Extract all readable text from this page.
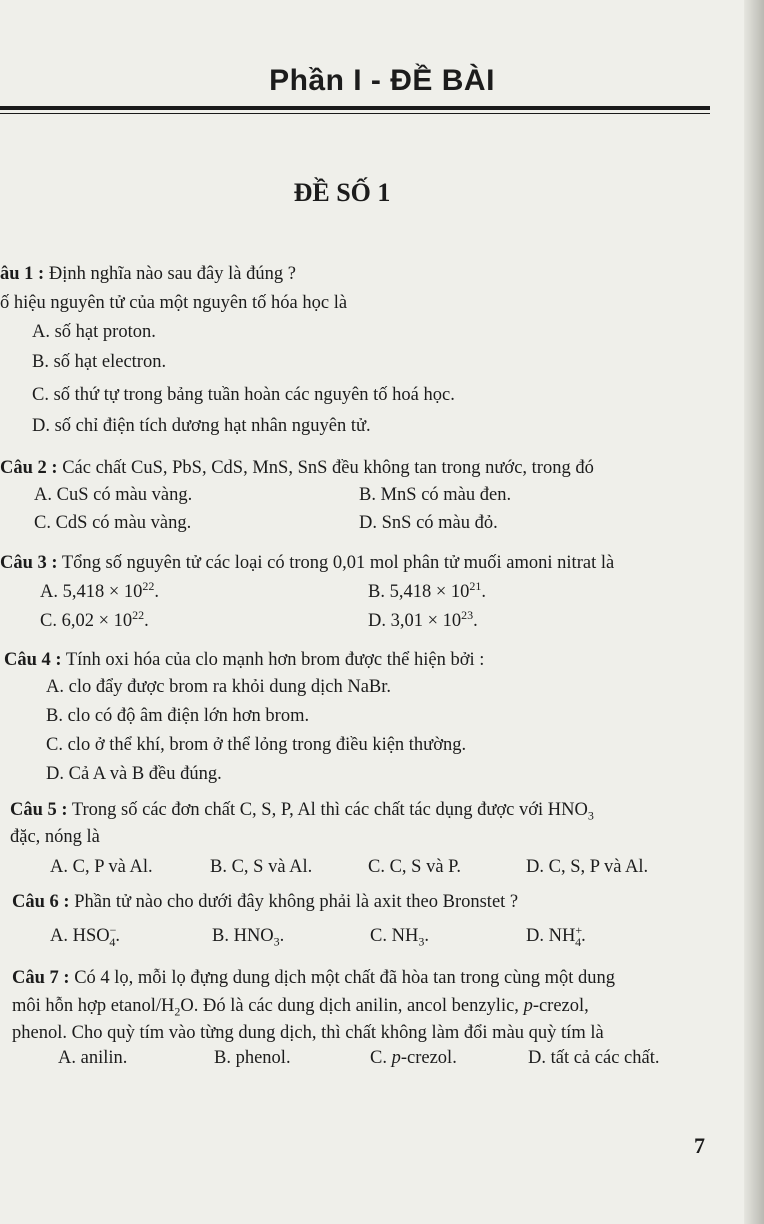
Phần I - ĐỀ BÀI
ĐỀ SỐ 1
âu 1 : Định nghĩa nào sau đây là đúng ?
ố hiệu nguyên tử của một nguyên tố hóa học là
A. số hạt proton.
B. số hạt electron.
C. số thứ tự trong bảng tuần hoàn các nguyên tố hoá học.
D. số chỉ điện tích dương hạt nhân nguyên tử.
Câu 2 : Các chất CuS, PbS, CdS, MnS, SnS đều không tan trong nước, trong đó
A. CuS có màu vàng.	B. MnS có màu đen.
C. CdS có màu vàng.	D. SnS có màu đỏ.
Câu 3 : Tổng số nguyên tử các loại có trong 0,01 mol phân tử muối amoni nitrat là
A. $5,418 \times 10^{22}$.	B. $5,418 \times 10^{21}$.
C. $6,02 \times 10^{22}$.	D. $3,01 \times 10^{23}$.
Câu 4 : Tính oxi hóa của clo mạnh hơn brom được thể hiện bởi :
A. clo đẩy được brom ra khỏi dung dịch NaBr.
B. clo có độ âm điện lớn hơn brom.
C. clo ở thể khí, brom ở thể lỏng trong điều kiện thường.
D. Cả A và B đều đúng.
Câu 5 : Trong số các đơn chất C, S, P, Al thì các chất tác dụng được với $HNO_3$
đặc, nóng là
A. C, P và Al.	B. C, S và Al.	C. C, S và P.	D. C, S, P và Al.
Câu 6 : Phần tử nào cho dưới đây không phải là axit theo Bronstet ?
A. $HSO^-_4$.	B. $HNO_3$.	C. $NH_3$.	D. $NH^+_4$.
Câu 7 : Có 4 lọ, mỗi lọ đựng dung dịch một chất đã hòa tan trong cùng một dung
môi hỗn hợp etanol/$H_2O$. Đó là các dung dịch anilin, ancol benzylic, p-crezol,
phenol. Cho quỳ tím vào từng dung dịch, thì chất không làm đổi màu quỳ tím là
A. anilin.	B. phenol.	C. p-crezol.	D. tất cả các chất.
7
